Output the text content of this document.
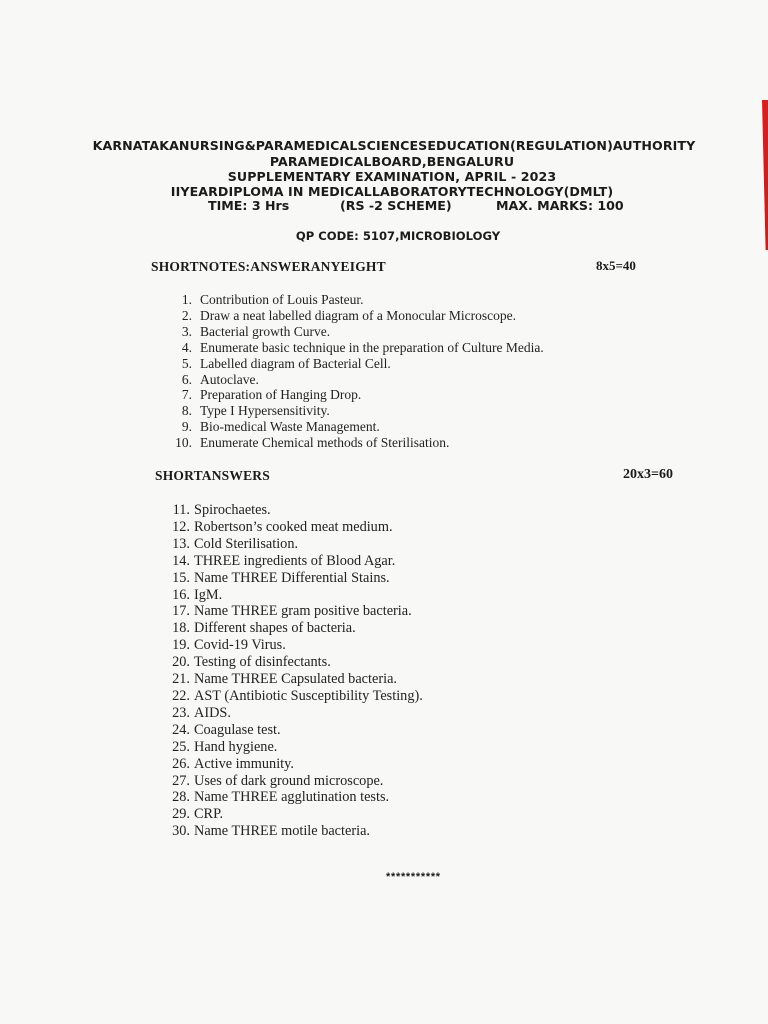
KARNATAKANURSING&PARAMEDICALSCIENCESEDUCATION(REGULATION)AUTHORITY
PARAMEDICALBOARD,BENGALURU
SUPPLEMENTARY EXAMINATION, APRIL - 2023
IIYEARDIPLOMA IN MEDICALLABORATORYTECHNOLOGY(DMLT)
TIME: 3 Hrs	(RS -2 SCHEME)	MAX. MARKS: 100
QP CODE: 5107,MICROBIOLOGY
SHORTNOTES:ANSWERANYEIGHT	8x5=40
1. Contribution of Louis Pasteur.
2. Draw a neat labelled diagram of a Monocular Microscope.
3. Bacterial growth Curve.
4. Enumerate basic technique in the preparation of Culture Media.
5. Labelled diagram of Bacterial Cell.
6. Autoclave.
7. Preparation of Hanging Drop.
8. Type I Hypersensitivity.
9. Bio-medical Waste Management.
10. Enumerate Chemical methods of Sterilisation.
SHORTANSWERS	20x3=60
11. Spirochaetes.
12. Robertson’s cooked meat medium.
13. Cold Sterilisation.
14. THREE ingredients of Blood Agar.
15. Name THREE Differential Stains.
16. IgM.
17. Name THREE gram positive bacteria.
18. Different shapes of bacteria.
19. Covid-19 Virus.
20. Testing of disinfectants.
21. Name THREE Capsulated bacteria.
22. AST (Antibiotic Susceptibility Testing).
23. AIDS.
24. Coagulase test.
25. Hand hygiene.
26. Active immunity.
27. Uses of dark ground microscope.
28. Name THREE agglutination tests.
29. CRP.
30. Name THREE motile bacteria.
***********
